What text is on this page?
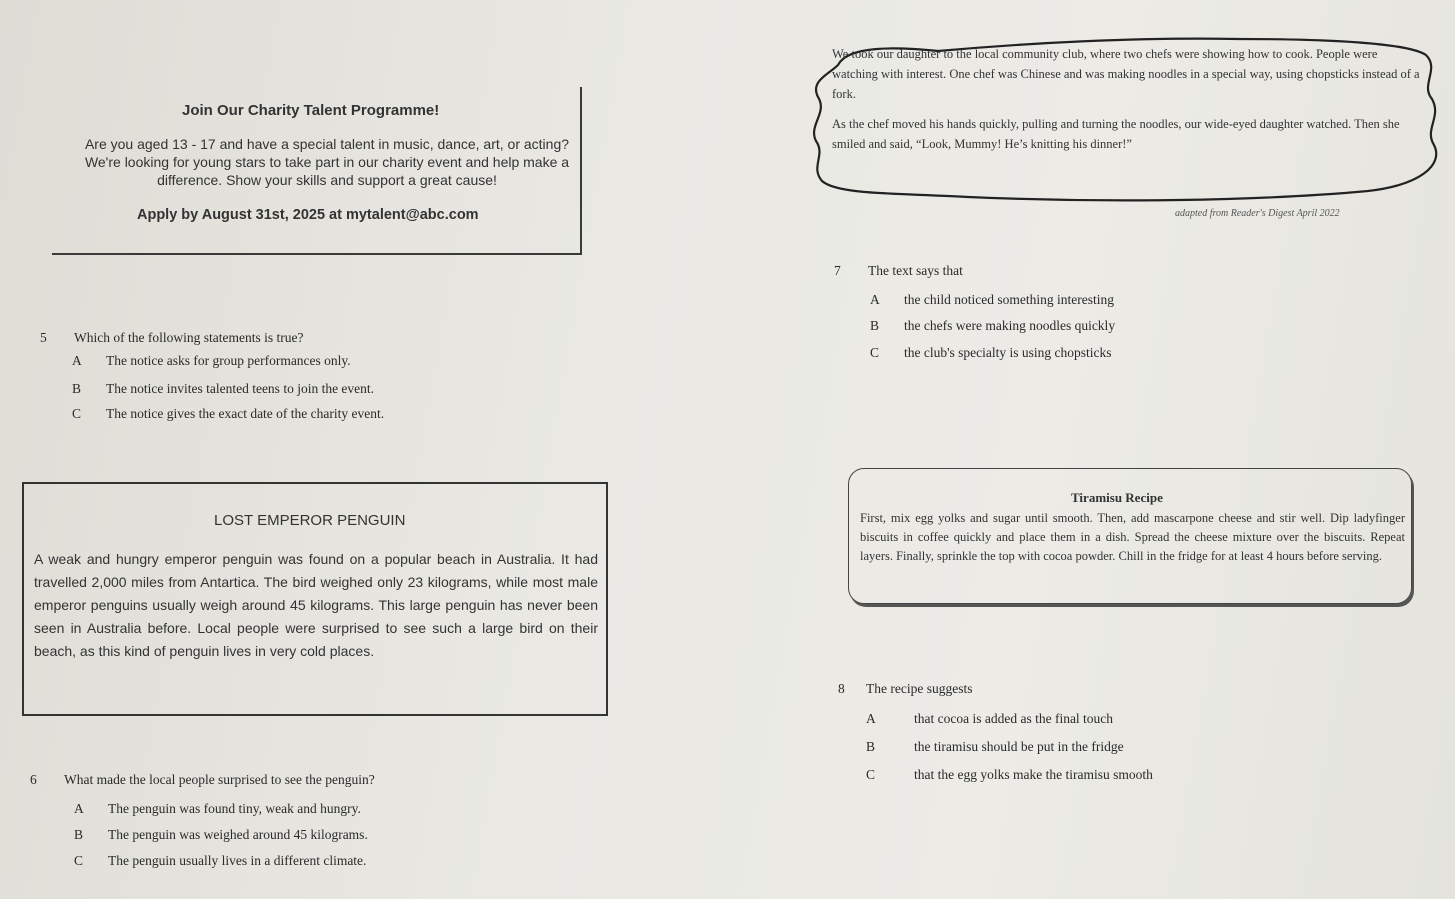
Join Our Charity Talent Programme!
Are you aged 13 - 17 and have a special talent in music, dance, art, or acting? We're looking for young stars to take part in our charity event and help make a difference. Show your skills and support a great cause!
Apply by August 31st, 2025 at mytalent@abc.com

We took our daughter to the local community club, where two chefs were showing how to cook. People were watching with interest. One chef was Chinese and was making noodles in a special way, using chopsticks instead of a fork.

As the chef moved his hands quickly, pulling and turning the noodles, our wide-eyed daughter watched. Then she smiled and said, “Look, Mummy! He’s knitting his dinner!”

adapted from Reader's Digest April 2022
7 The text says that
A the child noticed something interesting
B the chefs were making noodles quickly
C the club's specialty is using chopsticks
5 Which of the following statements is true?
A The notice asks for group performances only.
B The notice invites talented teens to join the event.
C The notice gives the exact date of the charity event.
LOST EMPEROR PENGUIN
A weak and hungry emperor penguin was found on a popular beach in Australia. It had travelled 2,000 miles from Antartica. The bird weighed only 23 kilograms, while most male emperor penguins usually weigh around 45 kilograms. This large penguin has never been seen in Australia before. Local people were surprised to see such a large bird on their beach, as this kind of penguin lives in very cold places.
Tiramisu Recipe
First, mix egg yolks and sugar until smooth. Then, add mascarpone cheese and stir well. Dip ladyfinger biscuits in coffee quickly and place them in a dish. Spread the cheese mixture over the biscuits. Repeat layers. Finally, sprinkle the top with cocoa powder. Chill in the fridge for at least 4 hours before serving.
8 The recipe suggests
A	that cocoa is added as the final touch
B	the tiramisu should be put in the fridge
C	that the egg yolks make the tiramisu smooth
6 What made the local people surprised to see the penguin?
A The penguin was found tiny, weak and hungry.
B The penguin was weighed around 45 kilograms.
C The penguin usually lives in a different climate.
